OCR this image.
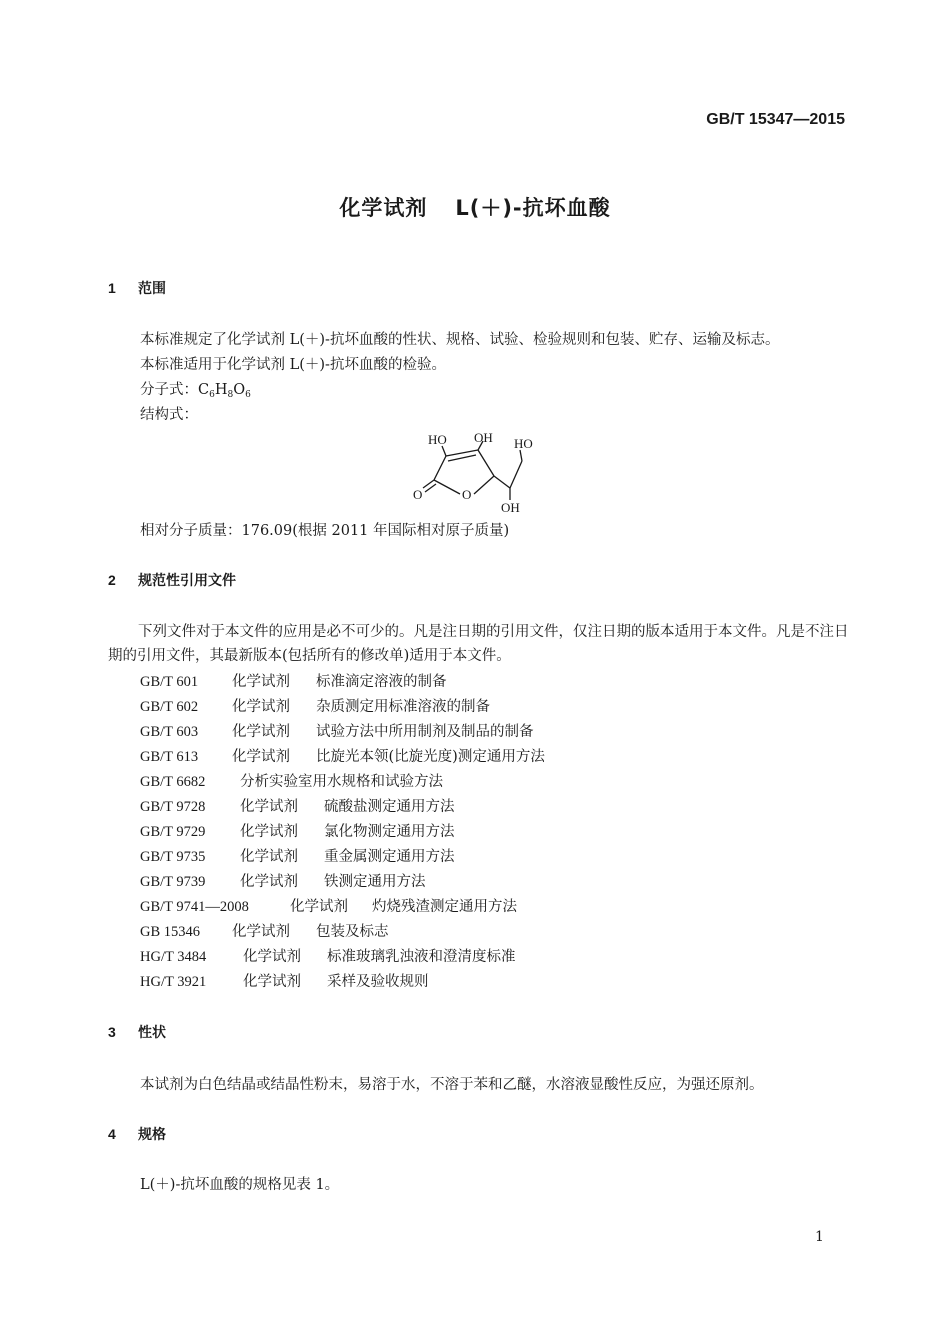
GB/T 15347—2015
化学试剂 L(＋)-抗坏血酸
1 范围
本标准规定了化学试剂 L(＋)-抗坏血酸的性状、规格、试验、检验规则和包装、贮存、运输及标志。
本标准适用于化学试剂 L(＋)-抗坏血酸的检验。
分子式：$C_6H_8O_6$
结构式：
HO OH HO
O	O
OH
相对分子质量：176.09(根据 2011 年国际相对原子质量)
2 规范性引用文件
下列文件对于本文件的应用是必不可少的。凡是注日期的引用文件，仅注日期的版本适用于本文件。凡是不注日期的引用文件，其最新版本(包括所有的修改单)适用于本文件。
GB/T 601 化学试剂 标准滴定溶液的制备
GB/T 602 化学试剂 杂质测定用标准溶液的制备
GB/T 603 化学试剂 试验方法中所用制剂及制品的制备
GB/T 613 化学试剂 比旋光本领(比旋光度)测定通用方法
GB/T 6682 分析实验室用水规格和试验方法
GB/T 9728 化学试剂 硫酸盐测定通用方法
GB/T 9729 化学试剂 氯化物测定通用方法
GB/T 9735 化学试剂 重金属测定通用方法
GB/T 9739 化学试剂 铁测定通用方法
GB/T 9741—2008	化学试剂 灼烧残渣测定通用方法
GB 15346 化学试剂 包装及标志
HG/T 3484	化学试剂 标准玻璃乳浊液和澄清度标准
HG/T 3921	化学试剂 采样及验收规则
3 性状
本试剂为白色结晶或结晶性粉末，易溶于水，不溶于苯和乙醚，水溶液显酸性反应，为强还原剂。
4 规格
L(＋)-抗坏血酸的规格见表 1。
1
